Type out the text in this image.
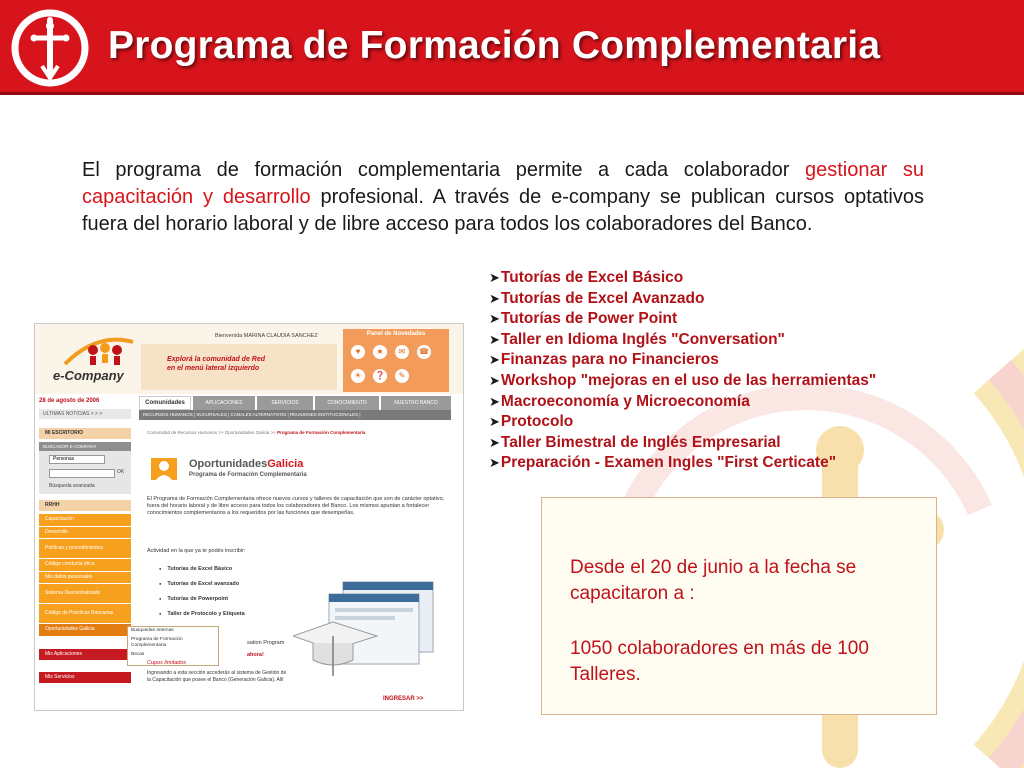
Programa de Formación Complementaria
El programa de formación complementaria permite a cada colaborador gestionar su capacitación y desarrollo profesional. A través de e-company se publican cursos optativos fuera del horario laboral y de libre acceso para todos los colaboradores del Banco.
➤Tutorías de Excel Básico
➤Tutorías de Excel Avanzado
➤Tutorías de Power Point
➤Taller en Idioma Inglés "Conversation"
➤Finanzas para no Financieros
➤Workshop "mejoras en el uso de las herramientas"
➤Macroeconomía y Microeconomía
➤Protocolo
➤Taller Bimestral de Inglés Empresarial
➤Preparación - Examen Ingles "First Certicate"
Desde el 20 de junio a la fecha se capacitaron a :
1050 colaboradores en más de 100 Talleres.
e-Company
Bienvenida MARINA CLAUDIA SANCHEZ
Explorá la comunidad de Red
en el menú lateral izquierdo
Panel de Novedades
♥	★	✉	☎
☀	❓	✎
28 de agosto de 2006
ULTIMAS NOTICIAS > > >
Comunidades	APLICACIONES	SERVICIOS	CONOCIMIENTO	NUESTRO BANCO
RECURSOS HUMANOS | SUCURSALES | CANALES ALTERNATIVOS | REUNIONES INSTITUCIONALES |
MI ESCRITORIO
BUSCADOR E-COMPANY
Personas
OK
Búsqueda avanzada
RRHH
Capacitación
Desarrollo
Políticas y procedimientos
Código conducta ética
Mis datos personales
Sistema Descentralizado
Código de Prácticas Bancarias
Oportunidades Galicia
Mis Aplicaciones
Mis Servicios
Busquedas Internas
Programa de Formación Complementaria
Becas
Comunidad de Recursos Humanos >> Oportunidades Galicia >> Programa de Formación Complementaria
OportunidadesGalicia
Programa de Formación Complementaria
El Programa de Formación Complementaria ofrece nuevos cursos y talleres de capacitación que son de carácter optativo, fuera del horario laboral y de libre acceso para todos los colaboradores del Banco. Los mismos apuntan a fortalecer conocimientos complementarios a los requeridos por las funciones que desempeñas.
Actividad en la que ya te podés inscribir:
● Tutorías de Excel Básico
● Tutorías de Excel avanzado
● Tutorías de Powerpoint
● Taller de Protocolo y Etiqueta
sation Program
ahora!
Cupos limitados
Ingresando a esta sección accederás al sistema de Gestión de la Capacitación que posee el Banco (Generación Galicia). Allí
INGRESAR >>
